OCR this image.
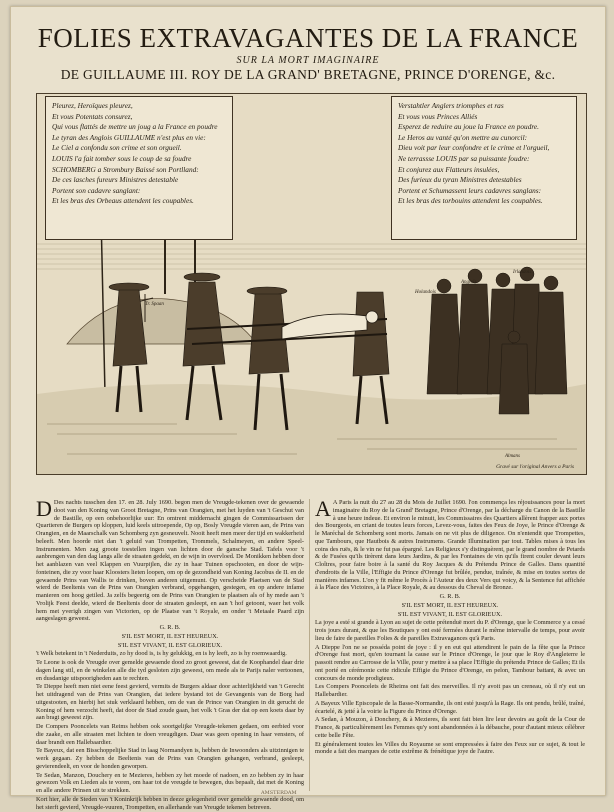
FOLIES EXTRAVAGANTES DE LA FRANCE
SUR LA MORT IMAGINAIRE
DE GUILLAUME III. ROY DE LA GRAND' BRETAGNE, PRINCE D'ORENGE, &c.
Pleurez, Heroïques pleurez,
Et vous Potentats consurez,
Qui vous flattés de mettre un joug a la France en poudre
Le tyran des Anglois GUILLAUME n'est plus en vie:
Le Ciel a confondu son crime et son orgueil.
LOUIS l'a fait tomber sous le coup de sa foudre
SCHOMBERG a Strombury Baissé son Portlland:
De ces lasches fureurs Ministres detestable
Portent son cadavre sanglant:
Et les bras des Orbeaus attendent les coupables.
Verstahtler Anglers triomphes et ras
Et vous vous Princes Alliés
Esperez de reduire au joue la France en poudre.
Le Heros au vanté qu'on mettre au cunorcil:
Dieu voit par leur confondre et le crime et l'orgueil,
Ne terrassse LOUIS par sa puissante foudre:
Et conjurez aux Flatteurs insulées,
Des furieux du tyran Ministres detestables
Portent et Schumassent leurs cadavres sanglans:
Et les bras des torbouins attendent les coupables.
Tr. Spaan
Holandois
Anglois
Irlandois
Almans
Gravé sur l'original Anvers a Paris

D Des nachts tusschen den 17. en 28. July 1690. begon men de Vreugde-tekenen over de gewaende doot van den Koning van Groot Bretagne, Prins van Orangien, met het luyden van 't Geschut van de Bastille, op een onbehoorlijke uur: En omtrent middernacht gingen de Commissarissen der Quartieren de Burgers op kloppen, luid keels uitroepende, Op op, Bosly Vreugde vieren aan, de Prins van Orangien, en de Maarschalk van Schomberg zyn gesneuvelt. Nooit heeft men meer der tijd en wakkerheid beleeft. Men hoorde niet dan 't geluid van Trompetten, Trommels, Schalmeyen, en andere Speel-Instrumenten. Men zag groote toestellen ingen van lichten door de gansche Stad. Tafels voor 't aanbrengen van den dag langs alle de straaten gedekt, en de wijn in overvloed. De Monikken hebben door het aanblazen van veel Klappen en Vuurpijlen, die zy in haar Tuinen opschooten, en door de wijn-fonteinen, die zy voor haar Kloosters lieten loopen, om op de gezondheid van Koning Jacobus de II. en de gewaende Prins van Wallis te drinken, boven anderen uitgemunt. Op verscheide Plaetsen van de Stad wierd de Beeltenis van de Prins van Orangien verbrand, opgehangen, gestegen, en op andere infame manieren om hoog getiled. Ja zelfs begeerig om de Prins van Orangien te plaatsen als of hy mede aan 't Vrolijk Feest deelde, wierd de Beeltenis door de straaten gesleept, en aan 't hof getoont, waer het volk hem met yverigh zingen van Victorien, op de Plaatse van 't Royale, en onder 't Metaale Paard zijn aangeslagen geweest.

G. R. B.

S'IL EST MORT, IL EST HEUREUX.

S'IL EST VIVANT, IL EST GLORIEUX.

't Welk betekent in 't Nederduits, zo hy dood is, is hy gelukkig, en is hy leeft, zo is hy roemwaardig.

Te Leone is ook de Vreugde over gemelde gewaende dood zo groot geweest, dat de Koophandel daar drie dagen lang stil, en de winkelen alle die tyd gesloten zijn geweest, om mede als te Parijs naler vertoonen, en dusdanige uitspoorigheden aan te rechten.

Te Dieppe heeft men niet eene feest gevierd, vermits de Burgers aldaar door achterlijkheid van 't Gerecht het uitdragend van de Prins van Orangien, dat iedere bystand tot de Gevangenis van de Borg had uitgestooten, en hierbij het stuk verklaard hebben, om de van de Prince van Orangien in dit gerucht de Koning of hem verzocht heeft, dat door de Stad zoude gaan, het volk 't Gras der dat op een koets daar by aan bragt geweest zijn.

De Compers Pooncelets van Reims hebben ook soortgelijke Vreugde-tekenen gedaen, om eerbied voor die zaake, en alle straaten met lichten te doen vreugdigen. Daar was geen opening in haar vensters, of daar brandt een Hallebaardier.

Te Bayeux, dat een Bisschoppelijke Stad in laag Normandyen is, hebben de Inwoonders als uitzinnigen te werk gegaan. Zy hebben de Beeltenis van de Prins van Orangien gehangen, verbrand, gesleept, gevierendeelt, en voor de honden geworpen.

Te Sedan, Manzon, Douchery en te Mezieres, hebben zy het moede of nadoen, en zo hebben zy in haar gewezen Volk en Lieden als te voren, om haar tot de vreugde te bewegen, dus bepaalt, dat met de Koning en alle andere Prinsen uit te strekken.

Kort hier, alle de Steden van 't Koninkrijk hebben in deeze gelegenheid over gemelde gewaende dood, om het sterft gevierd, Vreugde-vuuren, Trompetten, en allerhande van Vreugde tekenen betreven.

A A Paris la nuit du 27 au 28 du Mois de Juillet 1690. l'on commença les réjouissances pour la mort imaginaire du Roy de la Grand' Bretagne, Prince d'Orenge, par la décharge du Canon de la Bastille à une heure indeue. Et environ le minuit, les Commissaires des Quartiers allèrent frapper aux portes des Bourgeois, en criant de toutes leurs forces, Levez-vous, faites des Feux de Joye, le Prince d'Orenge & le Maréchal de Schomberg sont morts. Jamais on ne vit plus de diligence. On n'entendit que Trompettes, que Tambours, que Hautbois & autres Instrumens. Grande Illumination par tout. Tables mises à tous les coins des ruës, & le vin ne fut pas épargné. Les Religieux s'y distinguèrent, par le grand nombre de Petards & de Fusées qu'ils tirèrent dans leurs Jardins, & par les Fontaines de vin qu'ils firent couler devant leurs Cloîtres, pour faire boire à la santé du Roy Jacques & du Prétendu Prince de Galles. Dans quantité d'endroits de la Ville, l'Effigie du Prince d'Orenge fut brûlée, pendue, traînée, & mise en toutes sortes de manières infames. L'on y fit même le Procès à l'Auteur des deux Vers qui voicy, & la Sentence fut affichée à la Place des Victoires, à la Place Royale, & au dessous du Cheval de Bronze.

G. R. B.

S'IL EST MORT, IL EST HEUREUX.

S'IL EST VIVANT, IL EST GLORIEUX.

La joye a esté si grande à Lyon au sujet de cette prétenduë mort du P. d'Orenge, que le Commerce y a cessé trois jours durant, & que les Boutiques y ont esté fermées durant le même intervalle de temps, pour avoir lieu de faire de pareilles Folies & de pareilles Extravagances qu'à Paris.

A Dieppe l'on ne se posséda point de joye : il y en eut qui attendirent le pain de la fête que la Prince d'Orenge fust mort, qu'en tournant la cause sur le Prince d'Orenge, le jour que le Roy d'Angleterre le passoit rendre au Carrosse de la Ville, pour y mettre à sa place l'Effigie du prétendu Prince de Galles; Et ils ont porté en cérémonie cette ridicule Effigie du Prince d'Orenge, en pelon, Tambour battant, & avec un concours de monde prodigieux.

Les Compers Pooncelets de Rheims ont fait des merveilles. Il n'y avoit pas un creneau, où il n'y eut un Hallebardier.

A Bayeux Ville Episcopale de la Basse-Normandie, ils ont esté jusqu'à la Rage. Ils ont pendu, brûlé, traîné, écartelé, & jetté à la voirie la Figure du Prince d'Orenge.

A Sedan, à Mouzon, à Donchery, & à Mezieres, ils sont fait bien lire leur devoirs au goût de la Cour de France, & particulièrement les Femmes qu'y sont abandonnées à la débauche, pour d'autant mieux célébrer cette belle Fête.

Et généralement toutes les Villes du Royaume se sont empressées à faire des Feux sur ce sujet, & tout le monde a fait des marques de cette extrême & frénétique joye de l'autre.

AMSTERDAM
